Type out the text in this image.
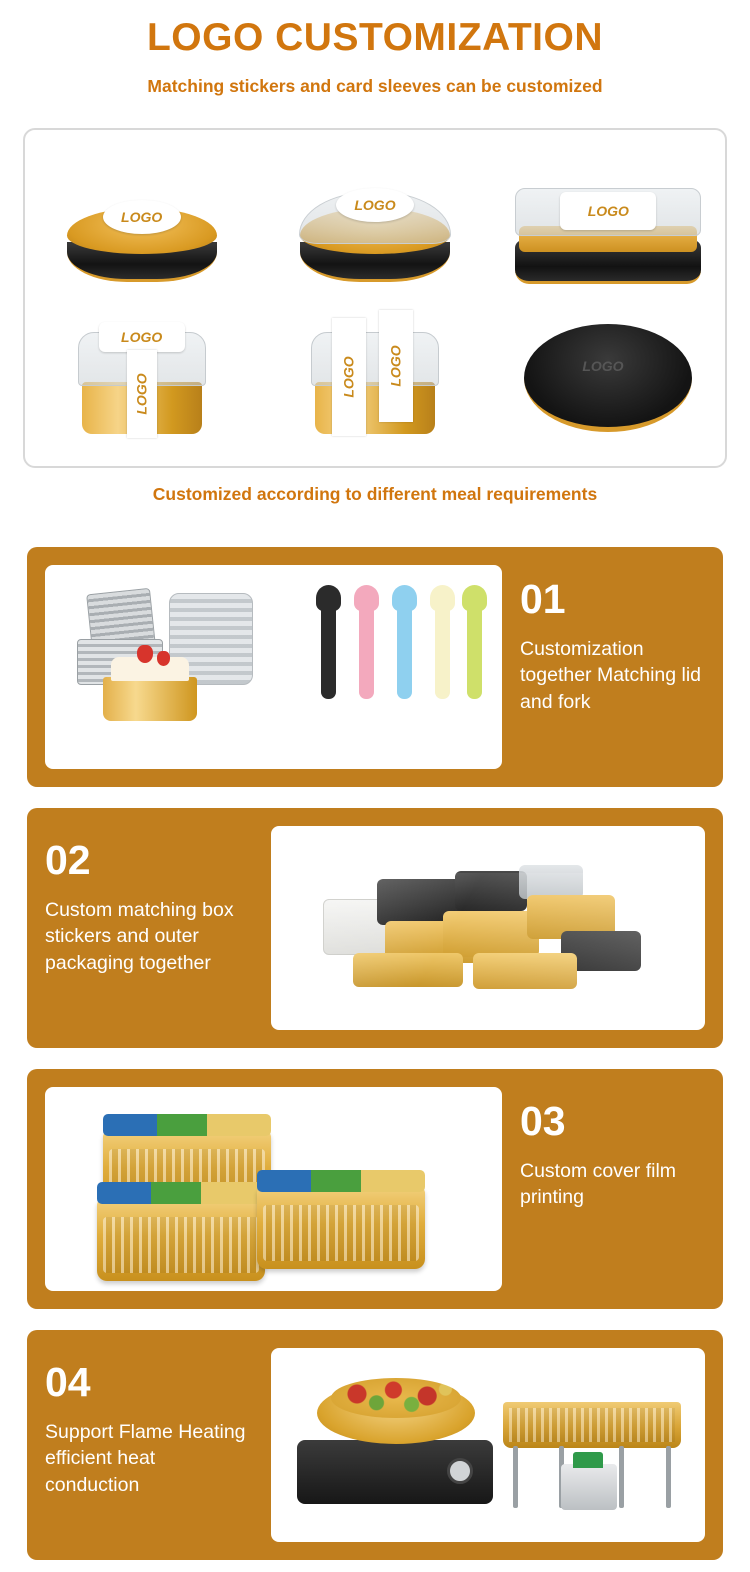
LOGO CUSTOMIZATION
Matching stickers and card sleeves can be customized
LOGO
LOGO	LOGO
LOGO
LOGO	LOGO LOGO	LOGO
Customized according to different meal requirements
01
Customization together Matching lid and fork
02
Custom matching box stickers and outer packaging together
03
Custom cover film printing
04
Support Flame Heating efficient heat conduction
